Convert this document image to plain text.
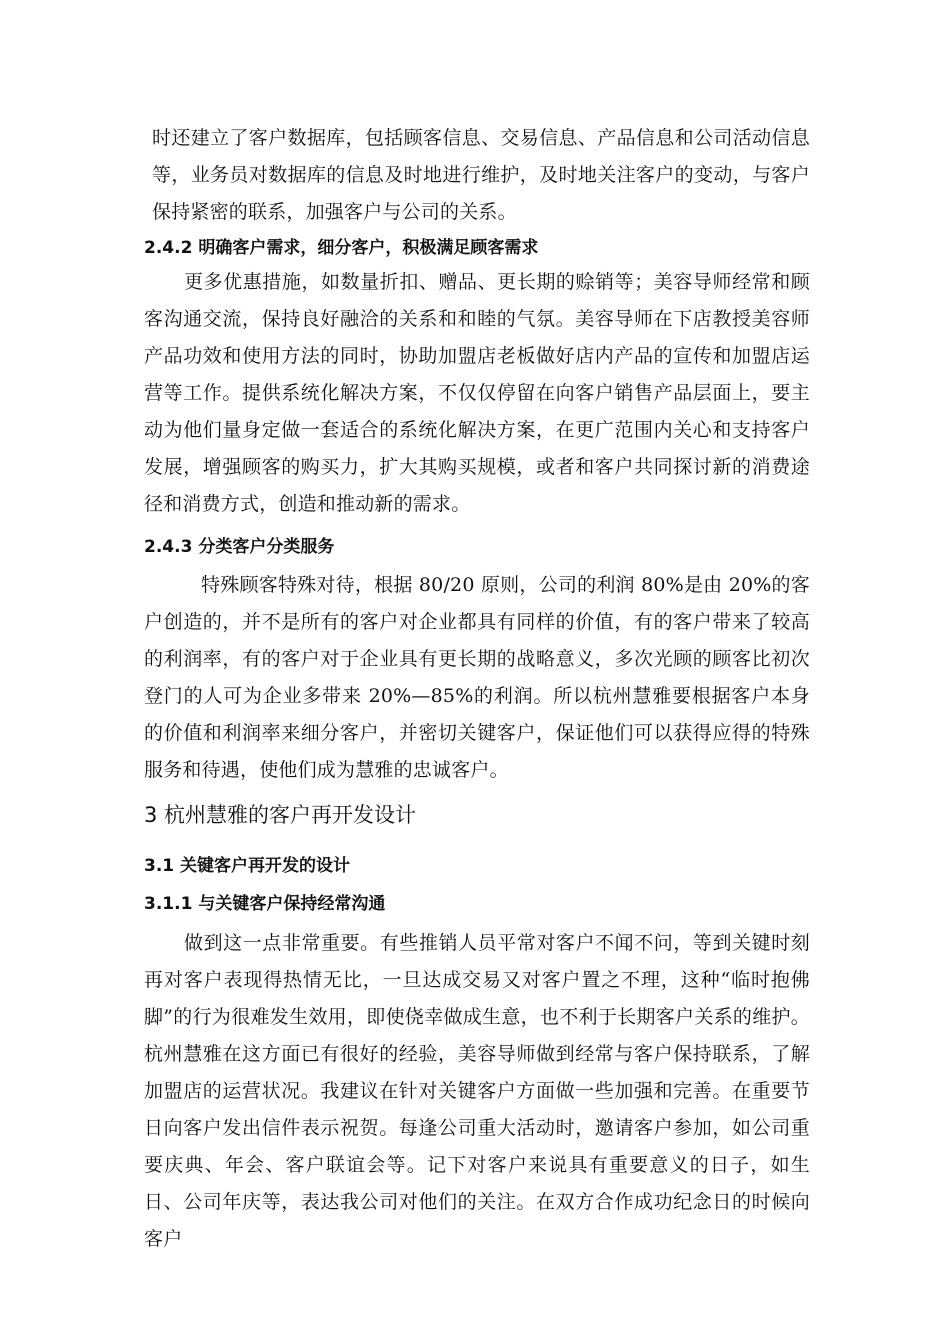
时还建立了客户数据库，包括顾客信息、交易信息、产品信息和公司活动信息等，业务员对数据库的信息及时地进行维护，及时地关注客户的变动，与客户保持紧密的联系，加强客户与公司的关系。

2.4.2 明确客户需求，细分客户，积极满足顾客需求

更多优惠措施，如数量折扣、赠品、更长期的赊销等；美容导师经常和顾客沟通交流，保持良好融洽的关系和和睦的气氛。美容导师在下店教授美容师产品功效和使用方法的同时，协助加盟店老板做好店内产品的宣传和加盟店运营等工作。提供系统化解决方案，不仅仅停留在向客户销售产品层面上，要主动为他们量身定做一套适合的系统化解决方案，在更广范围内关心和支持客户发展，增强顾客的购买力，扩大其购买规模，或者和客户共同探讨新的消费途径和消费方式，创造和推动新的需求。

2.4.3 分类客户分类服务

特殊顾客特殊对待，根据 80/20 原则，公司的利润 80%是由 20%的客户创造的，并不是所有的客户对企业都具有同样的价值，有的客户带来了较高的利润率，有的客户对于企业具有更长期的战略意义，多次光顾的顾客比初次登门的人可为企业多带来 20%—85%的利润。所以杭州慧雅要根据客户本身的价值和利润率来细分客户，并密切关键客户，保证他们可以获得应得的特殊服务和待遇，使他们成为慧雅的忠诚客户。

3 杭州慧雅的客户再开发设计
3.1 关键客户再开发的设计
3.1.1 与关键客户保持经常沟通

做到这一点非常重要。有些推销人员平常对客户不闻不问，等到关键时刻再对客户表现得热情无比，一旦达成交易又对客户置之不理，这种“临时抱佛脚”的行为很难发生效用，即使侥幸做成生意，也不利于长期客户关系的维护。杭州慧雅在这方面已有很好的经验，美容导师做到经常与客户保持联系，了解加盟店的运营状况。我建议在针对关键客户方面做一些加强和完善。在重要节日向客户发出信件表示祝贺。每逢公司重大活动时，邀请客户参加，如公司重要庆典、年会、客户联谊会等。记下对客户来说具有重要意义的日子，如生日、公司年庆等，表达我公司对他们的关注。在双方合作成功纪念日的时候向客户
